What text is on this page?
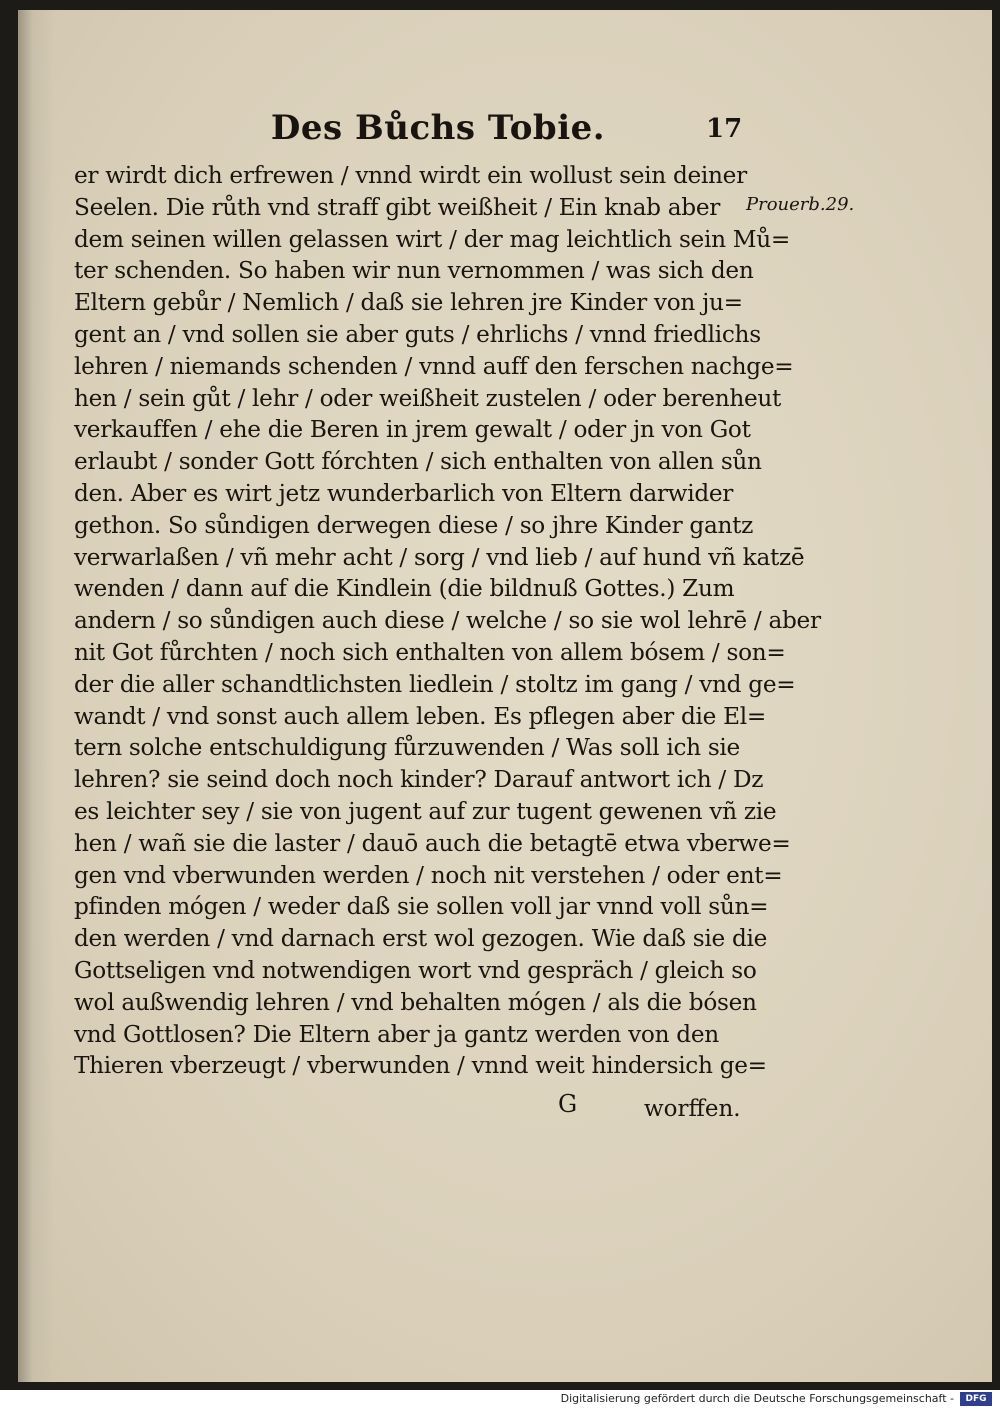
Des Bůchs Tobie.	17
Prouerb.29.
er wirdt dich erfrewen / vnnd wirdt ein wollust sein deiner
Seelen. Die růth vnd straff gibt weißheit / Ein knab aber
dem seinen willen gelassen wirt / der mag leichtlich sein Mů=
ter schenden. So haben wir nun vernommen / was sich den
Eltern gebůr / Nemlich / daß sie lehren jre Kinder von ju=
gent an / vnd sollen sie aber guts / ehrlichs / vnnd friedlichs
lehren / niemands schenden / vnnd auff den ferschen nachge=
hen / sein gůt / lehr / oder weißheit zustelen / oder berenheut
verkauffen / ehe die Beren in jrem gewalt / oder jn von Got
erlaubt / sonder Gott fórchten / sich enthalten von allen sůn
den. Aber es wirt jetz wunderbarlich von Eltern darwider
gethon. So sůndigen derwegen diese / so jhre Kinder gantz
verwarlaßen / vñ mehr acht / sorg / vnd lieb / auf hund vñ katzē
wenden / dann auf die Kindlein (die bildnuß Gottes.) Zum
andern / so sůndigen auch diese / welche / so sie wol lehrē / aber
nit Got fůrchten / noch sich enthalten von allem bósem / son=
der die aller schandtlichsten liedlein / stoltz im gang / vnd ge=
wandt / vnd sonst auch allem leben. Es pflegen aber die El=
tern solche entschuldigung fůrzuwenden / Was soll ich sie
lehren? sie seind doch noch kinder? Darauf antwort ich / Dz
es leichter sey / sie von jugent auf zur tugent gewenen vñ zie
hen / wañ sie die laster / dauō auch die betagtē etwa vberwe=
gen vnd vberwunden werden / noch nit verstehen / oder ent=
pfinden mógen / weder daß sie sollen voll jar vnnd voll sůn=
den werden / vnd darnach erst wol gezogen. Wie daß sie die
Gottseligen vnd notwendigen wort vnd gespräch / gleich so
wol außwendig lehren / vnd behalten mógen / als die bósen
vnd Gottlosen? Die Eltern aber ja gantz werden von den
Thieren vberzeugt / vberwunden / vnnd weit hindersich ge=
G	worffen.
Digitalisierung gefördert durch die Deutsche Forschungsgemeinschaft -	DFG
